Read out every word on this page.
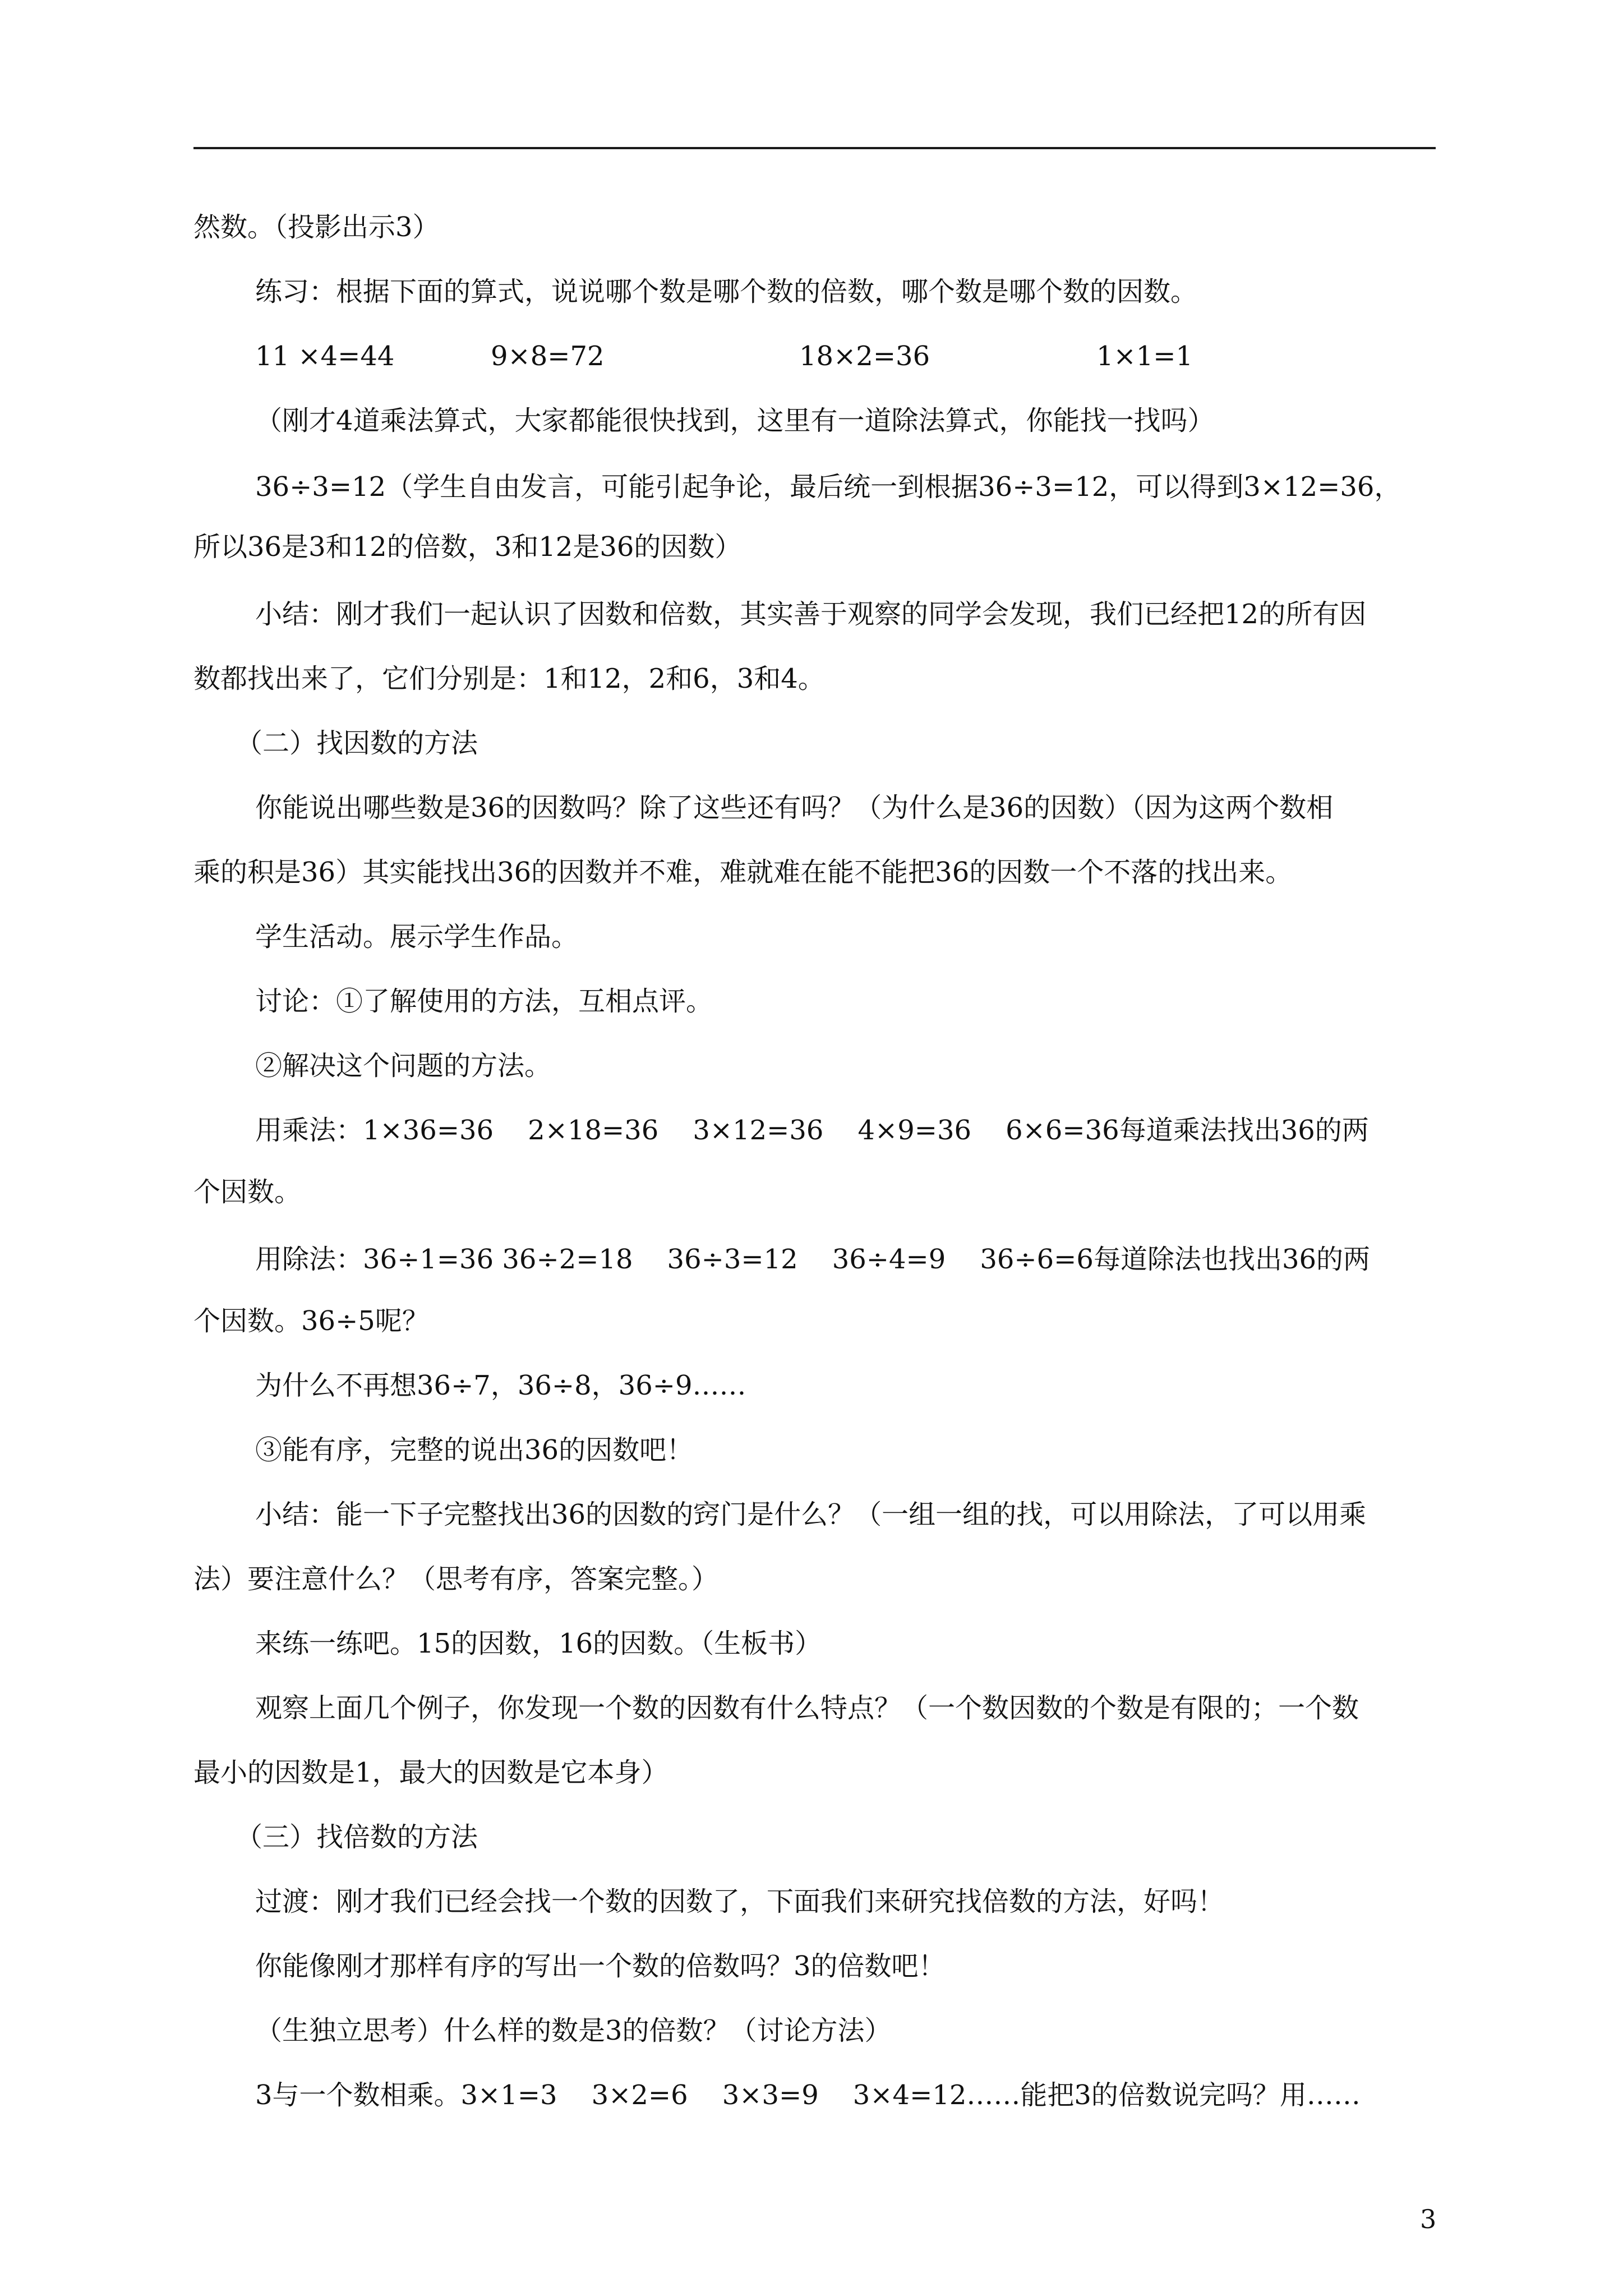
然数。（投影出示3）
练习：根据下面的算式，说说哪个数是哪个数的倍数，哪个数是哪个数的因数。

11 ×4=44

	9×8=72

	18×2=36

	1×1=1

（刚才4道乘法算式，大家都能很快找到，这里有一道除法算式，你能找一找吗）
36÷3=12（学生自由发言，可能引起争论，最后统一到根据36÷3=12，可以得到3×12=36，
所以36是3和12的倍数，3和12是36的因数）
小结：刚才我们一起认识了因数和倍数，其实善于观察的同学会发现，我们已经把12的所有因
数都找出来了，它们分别是：1和12，2和6，3和4。
（二）找因数的方法
你能说出哪些数是36的因数吗？除了这些还有吗？（为什么是36的因数）（因为这两个数相
乘的积是36）其实能找出36的因数并不难，难就难在能不能把36的因数一个不落的找出来。
学生活动。展示学生作品。
讨论：①了解使用的方法，互相点评。
②解决这个问题的方法。
用乘法：1×36=36    2×18=36    3×12=36    4×9=36    6×6=36每道乘法找出36的两
个因数。
用除法：36÷1=36 36÷2=18    36÷3=12    36÷4=9    36÷6=6每道除法也找出36的两
个因数。36÷5呢？
为什么不再想36÷7，36÷8，36÷9……
③能有序，完整的说出36的因数吧！
小结：能一下子完整找出36的因数的窍门是什么？（一组一组的找，可以用除法，了可以用乘
法）要注意什么？（思考有序，答案完整。）
来练一练吧。15的因数，16的因数。（生板书）
观察上面几个例子，你发现一个数的因数有什么特点？（一个数因数的个数是有限的；一个数
最小的因数是1，最大的因数是它本身）
（三）找倍数的方法
过渡：刚才我们已经会找一个数的因数了，下面我们来研究找倍数的方法，好吗！
你能像刚才那样有序的写出一个数的倍数吗？3的倍数吧！
（生独立思考）什么样的数是3的倍数？（讨论方法）
3与一个数相乘。3×1=3    3×2=6    3×3=9    3×4=12……能把3的倍数说完吗？用……
3
